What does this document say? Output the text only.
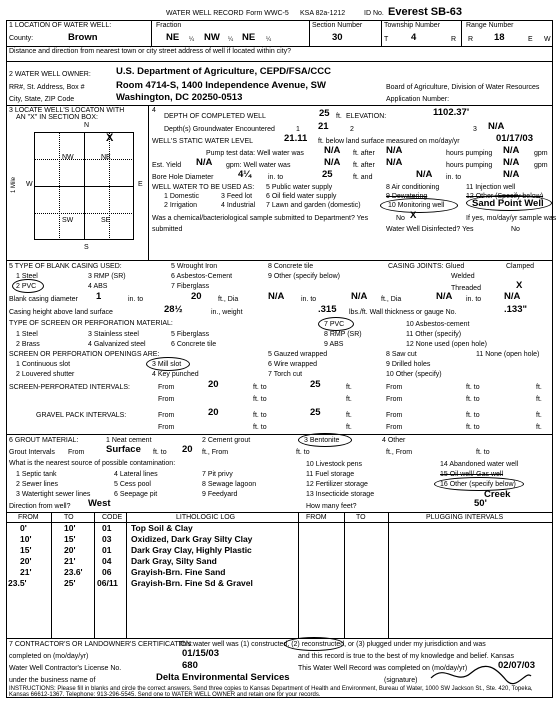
WATER WELL RECORD Form WWC-5 KSA 82a-1212	ID No. Everest SB-63
1 LOCATION OF WATER WELL:
County:	Brown
Fraction
NE ¼ NW ¼ NE ¼
Section Number
30
Township Number
T 4	R
Range Number
R 18	E W
Distance and direction from nearest town or city street address of well if located within city?
2 WATER WELL OWNER:	U.S. Department of Agriculture, CEPD/FSA/CCC
RR#, St. Address, Box #	Room 4714-S, 1400 Independence Avenue, SW	Board of Agriculture, Division of Water Resources
City, State, ZIP Code	Washington, DC 20250-0513	Application Number:
3 LOCATE WELL'S LOCATON WITH
AN "X" IN SECTION BOX:
N
S
W	E
1 Mile
NW	NE
SW	SE
X
4
DEPTH OF COMPLETED WELL	25 ft. ELEVATION:	1102.37'
Depth(s) Groundwater Encountered	1 21	2	3 N/A
WELL'S STATIC WATER LEVEL	21.11 ft. below land surface measured on mo/day/yr	01/17/03
Pump test data: Well water was N/A ft. after N/A	hours pumping N/A gpm
Est. Yield N/A gpm: Well water was	N/A ft. after N/A	hours pumping N/A gpm
Bore Hole Diameter	4¼ in. to	25	ft. and	N/A in. to	N/A
WELL WATER TO BE USED AS: 5 Public water supply	8 Air conditioning	11 Injection well
1 Domestic	3 Feed lot 6 Oil field water supply	9 Dewatering	12 Other (Specify below)
2 Irrigation	4 Industrial 7 Lawn and garden (domestic)	10 Monitoring well	Sand Point Well
Was a chemical/bacteriological sample submitted to Department? Yes	No X	If yes, mo/day/yr sample was
submitted	Water Well Disinfected? Yes	No
5 TYPE OF BLANK CASING USED:
1 Steel
2 PVC
3 RMP (SR)
4 ABS
5 Wrought Iron
6 Asbestos-Cement
7 Fiberglass
8 Concrete tile
9 Other (specify below)
CASING JOINTS: Glued	Clamped
Welded
Threaded	X
Blank casing diameter 1	in. to	20 ft., Dia	N/A in. to	N/A ft., Dia	N/A in. to N/A
Casing height above land surface	28½	in., weight	.315 lbs./ft. Wall thickness or gauge No.	.133"
TYPE OF SCREEN OR PERFORATION MATERIAL:
1 Steel
2 Brass
3 Stainless steel
4 Galvanized steel
5 Fiberglass
6 Concrete tile
7 PVC
8 RMP (SR)
9 ABS
10 Asbestos-cement
11 Other (specify)
12 None used (open hole)
SCREEN OR PERFORATION OPENINGS ARE:
1 Continuous slot
2 Louvered shutter
3 Mill slot
4 Key punched
5 Gauzed wrapped
6 Wire wrapped
7 Torch cut
8 Saw cut
9 Drilled holes
10 Other (specify)
11 None (open hole)
SCREEN-PERFORATED INTERVALS:	From	20	ft. to	25	ft.	From	ft. to	ft.
From	ft. to	ft.	From	ft. to	ft.
GRAVEL PACK INTERVALS:	From	20	ft. to	25	ft.	From	ft. to	ft.
From	ft. to	ft.	From	ft. to	ft.
6 GROUT MATERIAL:	1 Neat cement	2 Cement grout	3 Bentonite	4 Other
Grout Intervals From Surface ft. to 20 ft., From	ft. to	ft., From	ft. to
What is the nearest source of possible contamination:
1 Septic tank
2 Sewer lines
3 Watertight sewer lines
4 Lateral lines
5 Cess pool
6 Seepage pit
7 Pit privy
8 Sewage lagoon
9 Feedyard
10 Livestock pens
11 Fuel storage
12 Fertilizer storage
13 Insecticide storage
14 Abandoned water well
15 Oil well/ Gas well
16 Other (specify below)
Creek
Direction from well? West	How many feet?	50'
FROM	TO	CODE	LITHOLOGIC LOG	FROM	TO	PLUGGING INTERVALS
0'	10'	01 Top Soil & Clay
10'	15'	03 Oxidized, Dark Gray Silty Clay
15'	20'	01 Dark Gray Clay, Highly Plastic
20'	21'	04 Dark Gray, Silty Sand
21'	23.6' 06 Grayish-Brn. Fine Sand
23.5'	25'	06/11 Grayish-Brn. Fine Sd & Gravel
7 CONTRACTOR'S OR LANDOWNER'S CERTIFICATION:
This water well was (1) constructed, (2) reconstructed, or (3) plugged under my jurisdiction and was
completed on (mo/day/yr)	01/15/03	and this record is true to the best of my knowledge and belief. Kansas
Water Well Contractor's License No.	680	This Water Well Record was completed on (mo/day/yr)	02/07/03
under the business name of	Delta Environmental Services	(signature)
INSTRUCTIONS: Please fill in blanks and circle the correct answers. Send three copies to Kansas Department of Health and Environment, Bureau of Water, 1000 SW Jackson St., Ste. 420, Topeka, Kansas 66612-1367. Telephone: 913-296-5545. Send one to WATER WELL OWNER and retain one for your records.
